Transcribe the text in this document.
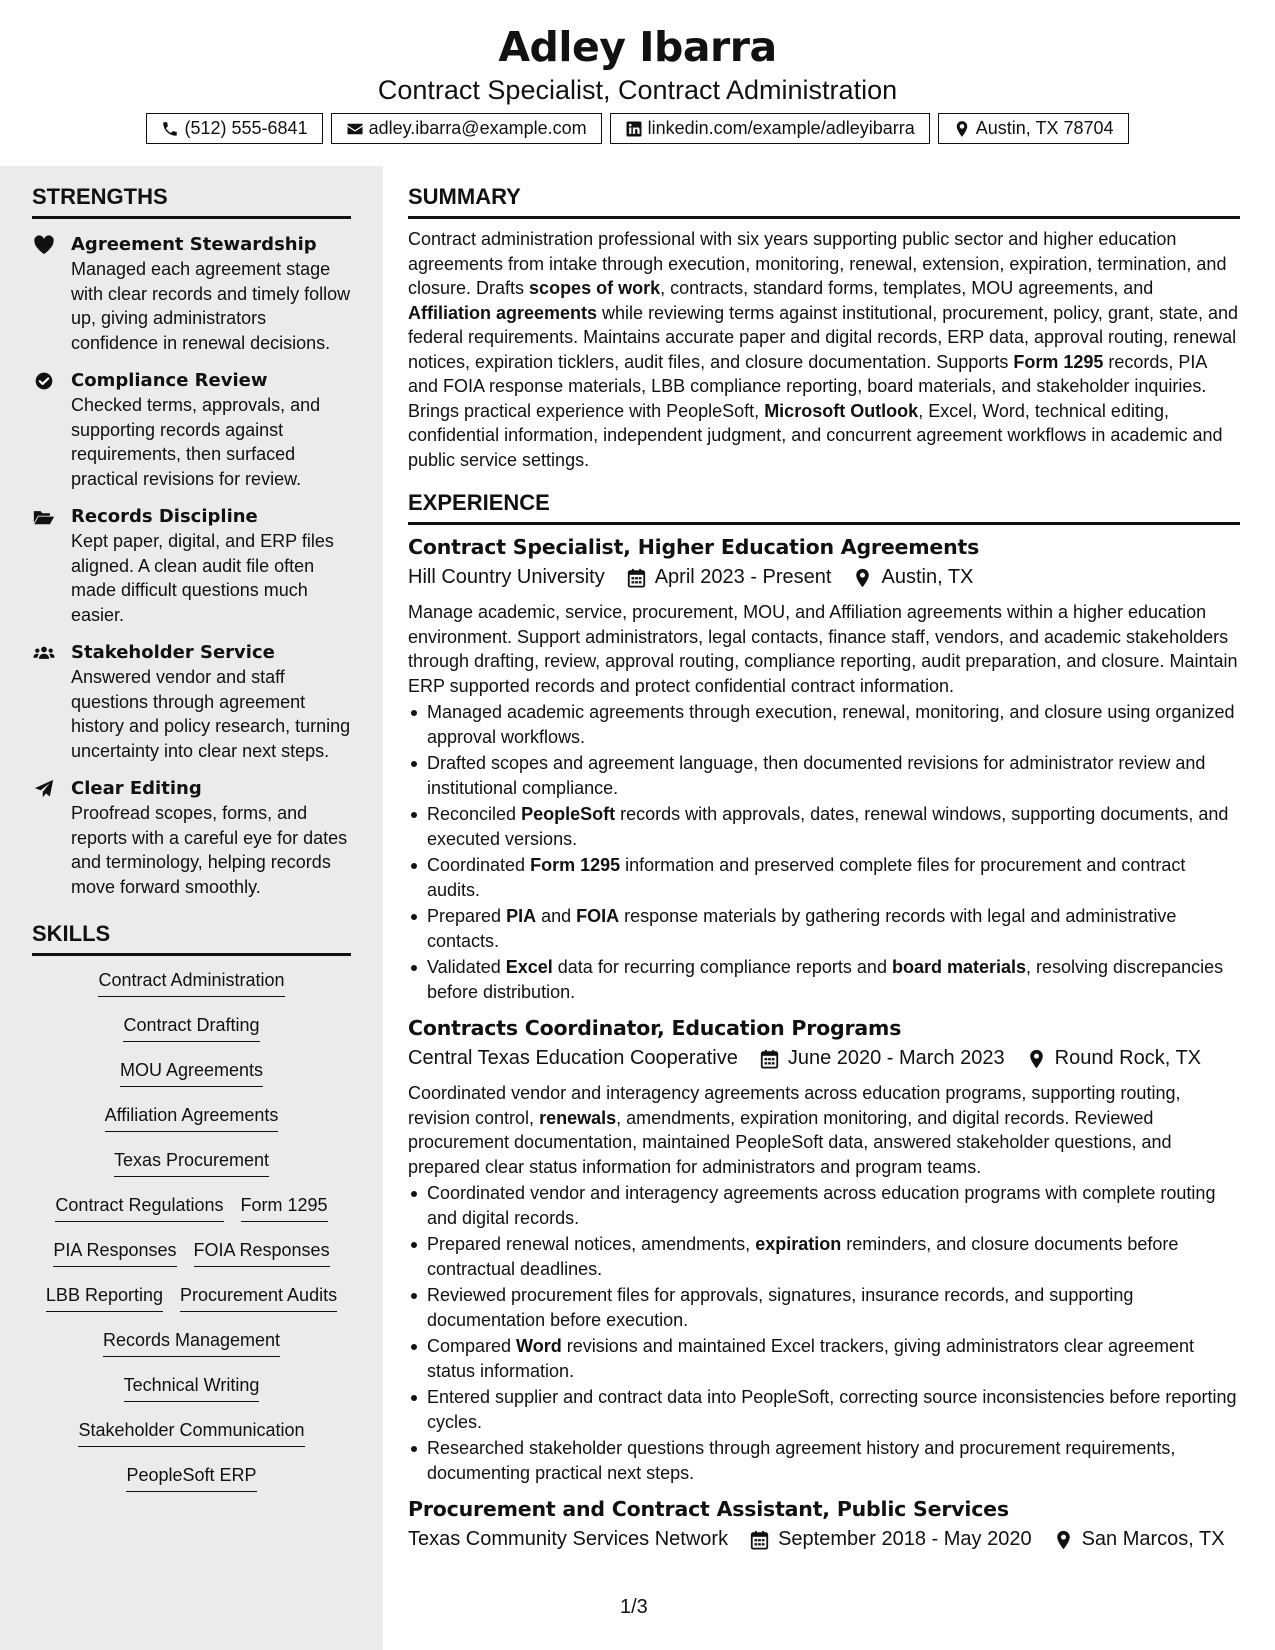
Adley Ibarra
Contract Specialist, Contract Administration
(512) 555-6841	adley.ibarra@example.com	linkedin.com/example/adleyibarra	Austin, TX 78704
STRENGTHS
Agreement Stewardship
Managed each agreement stage with clear records and timely follow up, giving administrators confidence in renewal decisions.
Compliance Review
Checked terms, approvals, and supporting records against requirements, then surfaced practical revisions for review.
Records Discipline
Kept paper, digital, and ERP files aligned. A clean audit file often made difficult questions much easier.
Stakeholder Service
Answered vendor and staff questions through agreement history and policy research, turning uncertainty into clear next steps.
Clear Editing
Proofread scopes, forms, and reports with a careful eye for dates and terminology, helping records move forward smoothly.
SKILLS
Contract Administration
Contract Drafting
MOU Agreements
Affiliation Agreements
Texas Procurement
Contract Regulations Form 1295
PIA Responses FOIA Responses
LBB Reporting Procurement Audits
Records Management
Technical Writing
Stakeholder Communication
PeopleSoft ERP
SUMMARY
Contract administration professional with six years supporting public sector and higher education agreements from intake through execution, monitoring, renewal, extension, expiration, termination, and closure. Drafts scopes of work, contracts, standard forms, templates, MOU agreements, and Affiliation agreements while reviewing terms against institutional, procurement, policy, grant, state, and federal requirements. Maintains accurate paper and digital records, ERP data, approval routing, renewal notices, expiration ticklers, audit files, and closure documentation. Supports Form 1295 records, PIA and FOIA response materials, LBB compliance reporting, board materials, and stakeholder inquiries. Brings practical experience with PeopleSoft, Microsoft Outlook, Excel, Word, technical editing, confidential information, independent judgment, and concurrent agreement workflows in academic and public service settings.
EXPERIENCE
Contract Specialist, Higher Education Agreements
Hill Country University	April 2023 - Present	Austin, TX
Manage academic, service, procurement, MOU, and Affiliation agreements within a higher education environment. Support administrators, legal contacts, finance staff, vendors, and academic stakeholders through drafting, review, approval routing, compliance reporting, audit preparation, and closure. Maintain ERP supported records and protect confidential contract information.
Managed academic agreements through execution, renewal, monitoring, and closure using organized approval workflows.
Drafted scopes and agreement language, then documented revisions for administrator review and institutional compliance.
Reconciled PeopleSoft records with approvals, dates, renewal windows, supporting documents, and executed versions.
Coordinated Form 1295 information and preserved complete files for procurement and contract audits.
Prepared PIA and FOIA response materials by gathering records with legal and administrative contacts.
Validated Excel data for recurring compliance reports and board materials, resolving discrepancies before distribution.
Contracts Coordinator, Education Programs
Central Texas Education Cooperative	June 2020 - March 2023	Round Rock, TX
Coordinated vendor and interagency agreements across education programs, supporting routing, revision control, renewals, amendments, expiration monitoring, and digital records. Reviewed procurement documentation, maintained PeopleSoft data, answered stakeholder questions, and prepared clear status information for administrators and program teams.
Coordinated vendor and interagency agreements across education programs with complete routing and digital records.
Prepared renewal notices, amendments, expiration reminders, and closure documents before contractual deadlines.
Reviewed procurement files for approvals, signatures, insurance records, and supporting documentation before execution.
Compared Word revisions and maintained Excel trackers, giving administrators clear agreement status information.
Entered supplier and contract data into PeopleSoft, correcting source inconsistencies before reporting cycles.
Researched stakeholder questions through agreement history and procurement requirements, documenting practical next steps.
Procurement and Contract Assistant, Public Services
Texas Community Services Network	September 2018 - May 2020	San Marcos, TX
1/3
